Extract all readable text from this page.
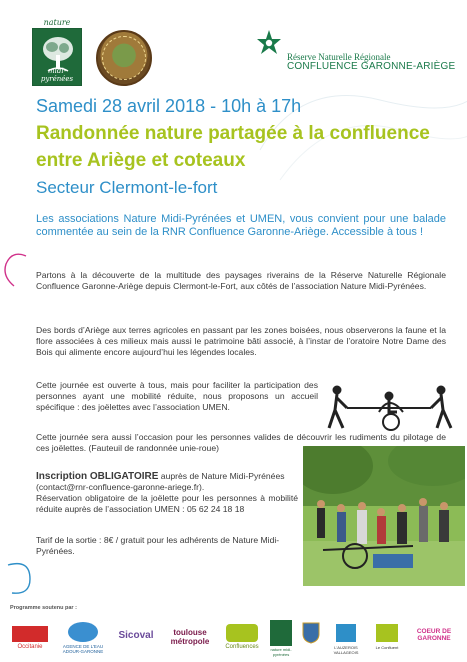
nature
midi-pyrénées
Réserve Naturelle Régionale
CONFLUENCE GARONNE-ARIÈGE
Samedi 28 avril 2018 - 10h à 17h
Randonnée nature partagée à la confluence entre Ariège et coteaux
Secteur Clermont-le-fort
Les associations Nature Midi-Pyrénées et UMEN, vous convient pour une balade commentée au sein de la RNR Confluence Garonne-Ariège. Accessible à tous !
Partons à la découverte de la multitude des paysages riverains de la Réserve Naturelle Régionale Confluence Garonne-Ariège depuis Clermont-le-Fort, aux côtés de l’association Nature Midi-Pyrénées.
Des bords d’Ariège aux terres agricoles en passant par les zones boisées, nous observerons la faune et la flore associées à ces milieux mais aussi le patrimoine bâti associé, à l’instar de l’oratoire Notre Dame des Bois qui alimente encore aujourd’hui les légendes locales.
Cette journée est ouverte à tous, mais pour faciliter la participation des personnes ayant une mobilité réduite, nous proposons un accueil spécifique : des joëlettes avec l’association UMEN.
Cette journée sera aussi l’occasion pour les personnes valides de découvrir les rudiments du pilotage de ces joëlettes. (Fauteuil de randonnée unie-roue)
Inscription OBLIGATOIRE auprès de Nature Midi-Pyrénées
(contact@rnr-confluence-garonne-ariege.fr).
Réservation obligatoire de la joëlette pour les personnes à mobilité réduite auprès de l’association UMEN : 05 62 24 18 18
Tarif de la sortie : 8€ / gratuit pour les adhérents de Nature Midi-Pyrénées.
Programme soutenu par :
Occitanie	AGENCE DE L'EAU ADOUR-GARONNE
Sicoval	toulouse métropole
Confluences	nature midi-pyrénées
L'AUZEROIS VALLAGEOIS
Le Confluent
COEUR DE GARONNE
